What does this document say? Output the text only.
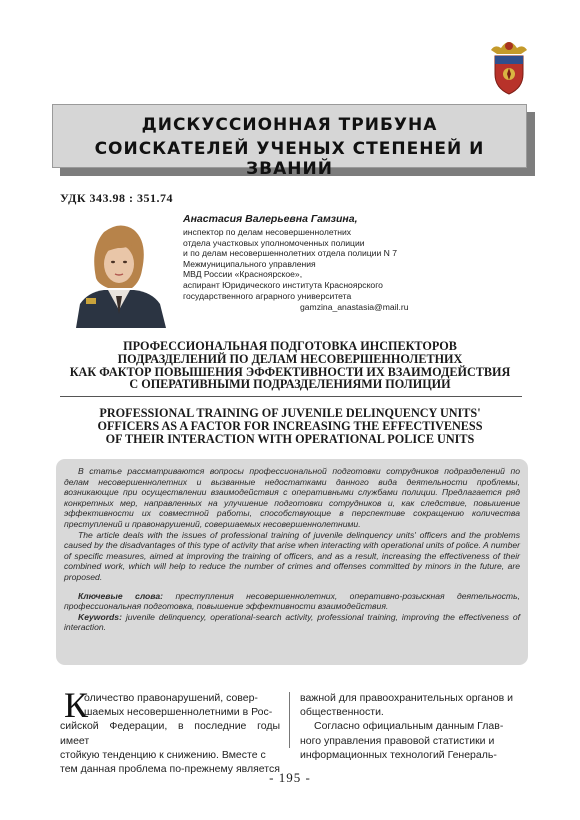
ДИСКУССИОННАЯ ТРИБУНА
СОИСКАТЕЛЕЙ УЧЕНЫХ СТЕПЕНЕЙ И ЗВАНИЙ
УДК 343.98 : 351.74
Анастасия Валерьевна Гамзина,
инспектор по делам несовершеннолетних
отдела участковых уполномоченных полиции
и по делам несовершеннолетних отдела полиции N 7
Межмуниципального управления
МВД России «Красноярское»,
аспирант Юридического института Красноярского
государственного аграрного университета
gamzina_anastasia@mail.ru
ПРОФЕССИОНАЛЬНАЯ ПОДГОТОВКА ИНСПЕКТОРОВ
ПОДРАЗДЕЛЕНИЙ ПО ДЕЛАМ НЕСОВЕРШЕННОЛЕТНИХ
КАК ФАКТОР ПОВЫШЕНИЯ ЭФФЕКТИВНОСТИ ИХ ВЗАИМОДЕЙСТВИЯ
С ОПЕРАТИВНЫМИ ПОДРАЗДЕЛЕНИЯМИ ПОЛИЦИИ
PROFESSIONAL TRAINING OF JUVENILE DELINQUENCY UNITS'
OFFICERS AS A FACTOR FOR INCREASING THE EFFECTIVENESS
OF THEIR INTERACTION WITH OPERATIONAL POLICE UNITS

В статье рассматриваются вопросы профессиональной подготовки сотрудников подразделений по делам несовершеннолетних и вызванные недостатками данного вида деятельности проблемы, возникающие при осуществлении взаимодействия с оперативными службами полиции. Предлагается ряд конкретных мер, направленных на улучшение подготовки сотрудников и, как следствие, повышение эффективности их совместной работы, способствующие в перспективе сокращению количества преступлений и правонарушений, совершаемых несовершеннолетними.

The article deals with the issues of professional training of juvenile delinquency units' officers and the problems caused by the disadvantages of this type of activity that arise when interacting with operational units of police. A number of specific measures, aimed at improving the training of officers, and as a result, increasing the effectiveness of their combined work, which will help to reduce the number of crimes and offenses committed by minors in the future, are proposed.

Ключевые слова: преступления несовершеннолетних, оперативно-розыскная деятельность, профессиональная подготовка, повышение эффективности взаимодействия.

Keywords: juvenile delinquency, operational-search activity, professional training, improving the effectiveness of interaction.

К
оличество правонарушений, совер-
шаемых несовершеннолетними в Рос-
сийской Федерации, в последние годы имеет
стойкую тенденцию к снижению. Вместе с
тем данная проблема по-прежнему является
важной для правоохранительных органов и
общественности.
Согласно официальным данным Глав-
ного управления правовой статистики и
информационных технологий Генераль-
- 195 -
